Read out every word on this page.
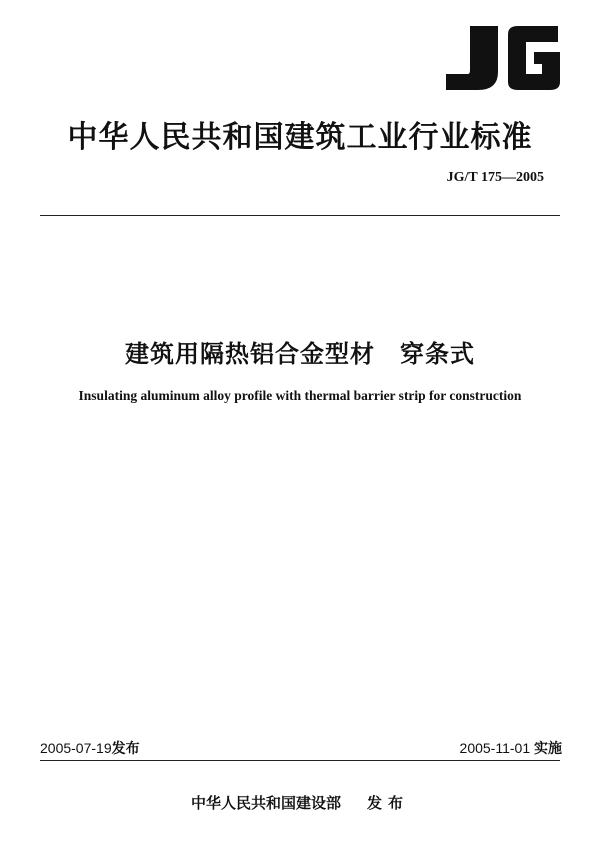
中华人民共和国建筑工业行业标准
JG/T 175—2005
建筑用隔热铝合金型材　穿条式
Insulating aluminum alloy profile with thermal barrier strip for construction
2005-07-19发布	2005-11-01 实施
中华人民共和国建设部 发布
